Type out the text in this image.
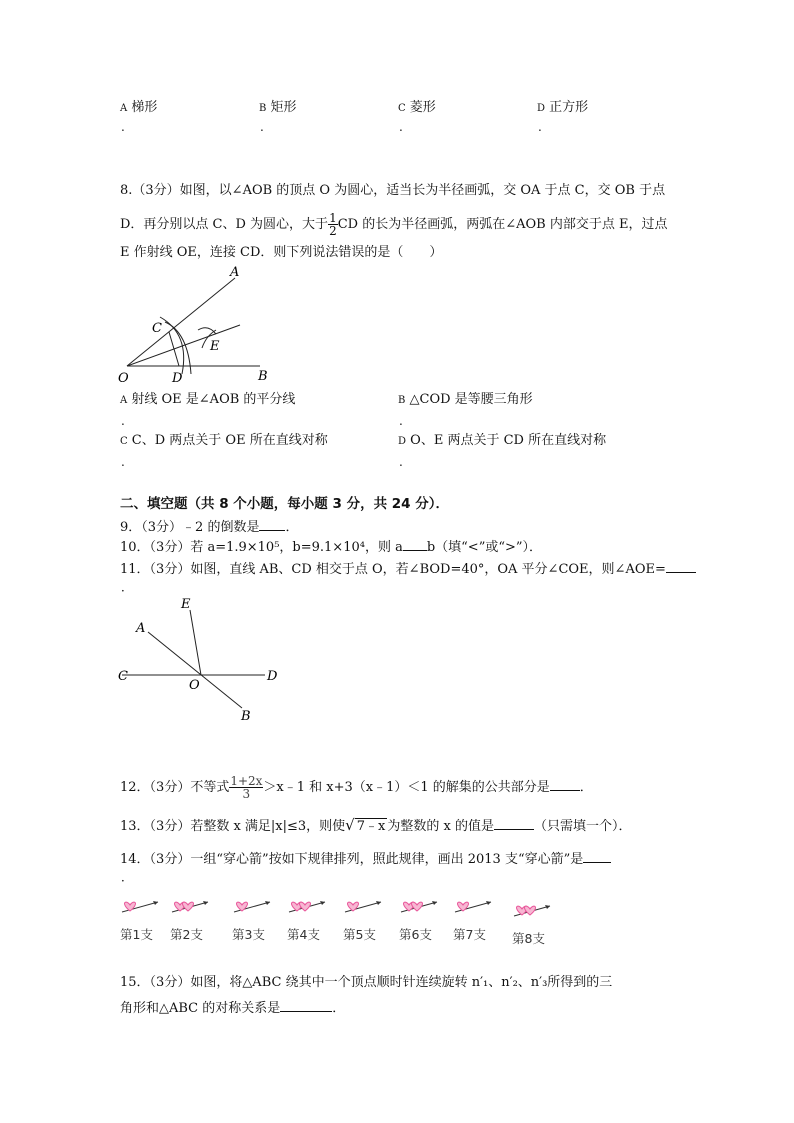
A 梯形
.
B 矩形
.
C 菱形
.
D 正方形
.
8.（3分）如图，以∠AOB 的顶点 O 为圆心，适当长为半径画弧，交 OA 于点 C，交 OB 于点
D．再分别以点 C、D 为圆心，大于 $\frac{1}{2}$ CD 的长为半径画弧，两弧在∠AOB 内部交于点 E，过点
E 作射线 OE，连接 CD．则下列说法错误的是（　　）
A
C
E
O	D	B
A 射线 OE 是∠AOB 的平分线
.
B △COD 是等腰三角形
.
C C、D 两点关于 OE 所在直线对称
.
D O、E 两点关于 CD 所在直线对称
.
二、填空题（共 8 个小题，每小题 3 分，共 24 分）．
9．（3分）﹣2 的倒数是 ．
10．（3分）若 a=1.9×10⁵，b=9.1×10⁴，则 a b（填“<”或“>”）．
11．（3分）如图，直线 AB、CD 相交于点 O，若∠BOD=40°，OA 平分∠COE，则∠AOE=
．
E
A
C
O
D
B
12．（3分）不等式 $\frac{1+2x}{3}$ ＞x﹣1 和 x+3（x﹣1）＜1 的解集的公共部分是 ．
13．（3分）若整数 x 满足|x|≤3，则使√ 7﹣x 为整数的 x 的值是	（只需填一个）．
14．（3分）一组“穿心箭”按如下规律排列，照此规律，画出 2013 支“穿心箭”是
．
第1支	第2支	第3支	第4支	第5支	第6支	第7支	第8支
15．（3分）如图，将△ABC 绕其中一个顶点顺时针连续旋转 n′₁、n′₂、n′₃所得到的三
角形和△ABC 的对称关系是	．
